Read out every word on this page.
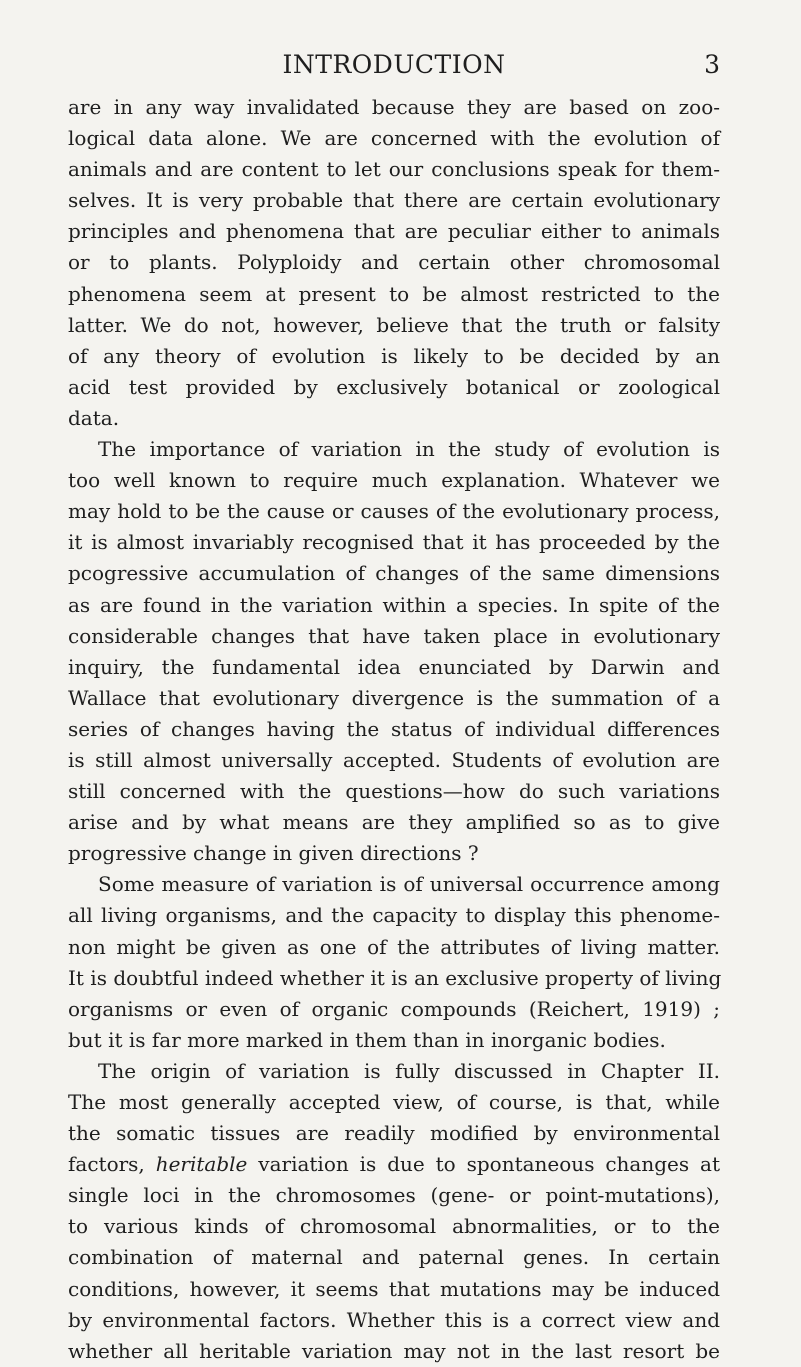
INTRODUCTION	3
are in any way invalidated because they are based on zoo-
logical data alone. We are concerned with the evolution of
animals and are content to let our conclusions speak for them-
selves. It is very probable that there are certain evolutionary
principles and phenomena that are peculiar either to animals
or to plants. Polyploidy and certain other chromosomal
phenomena seem at present to be almost restricted to the
latter. We do not, however, believe that the truth or falsity
of any theory of evolution is likely to be decided by an
acid test provided by exclusively botanical or zoological
data.
The importance of variation in the study of evolution is
too well known to require much explanation. Whatever we
may hold to be the cause or causes of the evolutionary process,
it is almost invariably recognised that it has proceeded by the
pcogressive accumulation of changes of the same dimensions
as are found in the variation within a species. In spite of the
considerable changes that have taken place in evolutionary
inquiry, the fundamental idea enunciated by Darwin and
Wallace that evolutionary divergence is the summation of a
series of changes having the status of individual differences
is still almost universally accepted. Students of evolution are
still concerned with the questions—how do such variations
arise and by what means are they amplified so as to give
progressive change in given directions ?
Some measure of variation is of universal occurrence among
all living organisms, and the capacity to display this phenome-
non might be given as one of the attributes of living matter.
It is doubtful indeed whether it is an exclusive property of living
organisms or even of organic compounds (Reichert, 1919) ;
but it is far more marked in them than in inorganic bodies.
The origin of variation is fully discussed in Chapter II.
The most generally accepted view, of course, is that, while
the somatic tissues are readily modified by environmental
factors, heritable variation is due to spontaneous changes at
single loci in the chromosomes (gene- or point-mutations),
to various kinds of chromosomal abnormalities, or to the
combination of maternal and paternal genes. In certain
conditions, however, it seems that mutations may be induced
by environmental factors. Whether this is a correct view and
whether all heritable variation may not in the last resort be
